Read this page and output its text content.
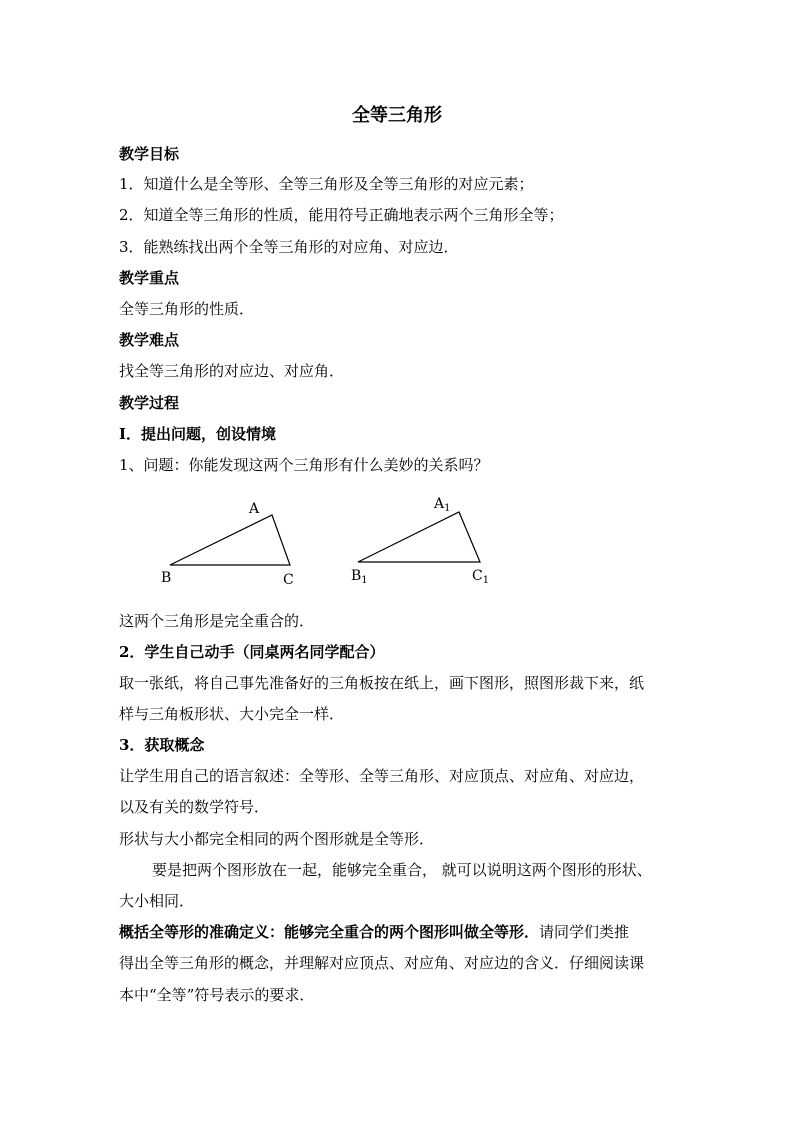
全等三角形
教学目标
1．知道什么是全等形、全等三角形及全等三角形的对应元素；
2．知道全等三角形的性质，能用符号正确地表示两个三角形全等；
3．能熟练找出两个全等三角形的对应角、对应边．
教学重点
全等三角形的性质．
教学难点
找全等三角形的对应边、对应角．
教学过程
Ⅰ．提出问题，创设情境
1、问题：你能发现这两个三角形有什么美妙的关系吗？
A
B	C
$A_1$
$B_1$	$C_1$
这两个三角形是完全重合的．
2．学生自己动手（同桌两名同学配合）
取一张纸，将自己事先准备好的三角板按在纸上，画下图形，照图形裁下来，纸
样与三角板形状、大小完全一样．
3．获取概念
让学生用自己的语言叙述：全等形、全等三角形、对应顶点、对应角、对应边，
以及有关的数学符号．
形状与大小都完全相同的两个图形就是全等形．
要是把两个图形放在一起，能够完全重合， 就可以说明这两个图形的形状、
大小相同．
概括全等形的准确定义：能够完全重合的两个图形叫做全等形．请同学们类推
得出全等三角形的概念，并理解对应顶点、对应角、对应边的含义．仔细阅读课
本中“全等”符号表示的要求．
